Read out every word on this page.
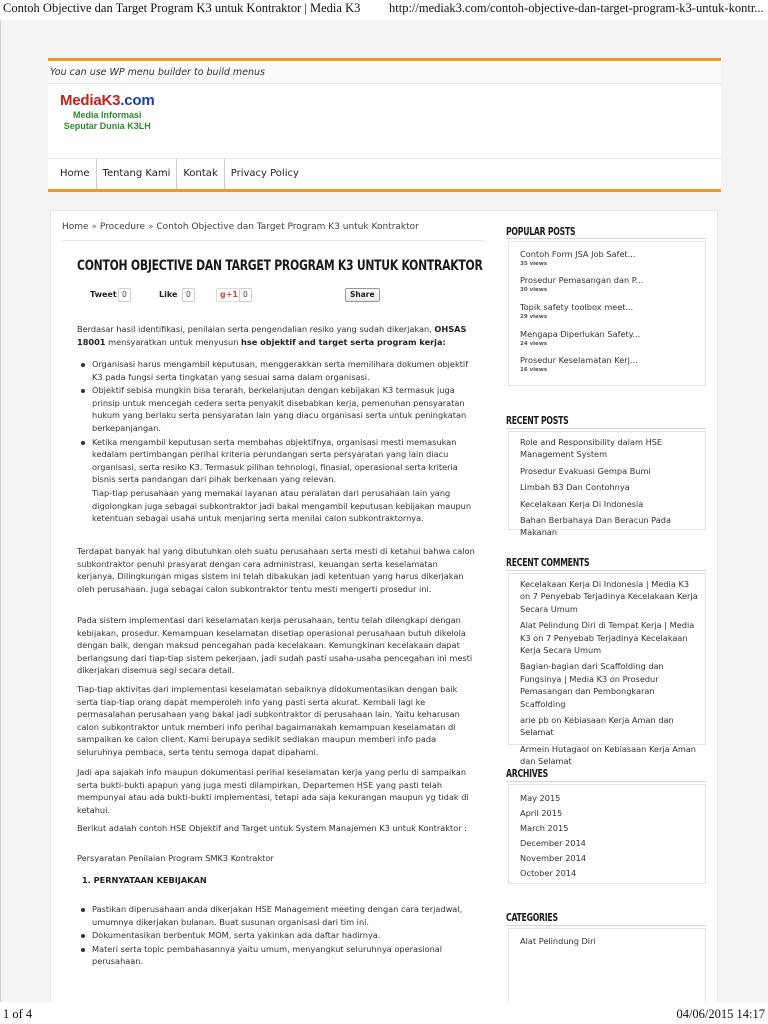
Contoh Objective dan Target Program K3 untuk Kontraktor | Media K3 http://mediak3.com/contoh-objective-dan-target-program-k3-untuk-kontr...
You can use WP menu builder to build menus
MediaK3.com
Media Informasi
Seputar Dunia K3LH
Home	Tentang Kami	Kontak	Privacy Policy
Home » Procedure » Contoh Objective dan Target Program K3 untuk Kontraktor
CONTOH OBJECTIVE DAN TARGET PROGRAM K3 UNTUK KONTRAKTOR
Tweet 0	Like	0	g+1 0	Share
Berdasar hasil identifikasi, penilaian serta pengendalian resiko yang sudah dikerjakan, OHSAS 18001 mensyaratkan untuk menyusun hse objektif and target serta program kerja:
Organisasi harus mengambil keputusan, menggerakkan serta memilihara dokumen objektif K3 pada fungsi serta tingkatan yang sesuai sama dalam organisasi.
Objektif sebisa mungkin bisa terarah, berkelanjutan dengan kebijakan K3 termasuk juga prinsip untuk mencegah cedera serta penyakit disebabkan kerja, pemenuhan pensyaratan hukum yang berlaku serta pensyaratan lain yang diacu organisasi serta untuk peningkatan berkepanjangan.
Ketika mengambil keputusan serta membahas objektifnya, organisasi mesti memasukan kedalam pertimbangan perihal kriteria perundangan serta persyaratan yang lain diacu organisasi, serta resiko K3. Termasuk pilihan tehnologi, finasial, operasional serta kriteria bisnis serta pandangan dari pihak berkenaan yang relevan.
Tiap-tiap perusahaan yang memakai layanan atau peralatan dari perusahaan lain yang digolongkan juga sebagai subkontraktor jadi bakal mengambil keputusan kebijakan maupun ketentuan sebagai usaha untuk menjaring serta menilai calon subkontraktornya.
Terdapat banyak hal yang dibutuhkan oleh suatu perusahaan serta mesti di ketahui bahwa calon subkontraktor penuhi prasyarat dengan cara administrasi, keuangan serta keselamatan kerjanya. Dilingkungan migas sistem ini telah dibakukan jadi ketentuan yang harus dikerjakan oleh perusahaan. Juga sebagai calon subkontraktor tentu mesti mengerti prosedur ini.
Pada sistem implementasi dari keselamatan kerja perusahaan, tentu telah dilengkapi dengan kebijakan, prosedur. Kemampuan keselamatan disetiap operasional perusahaan butuh dikelola dengan baik, dengan maksud pencegahan pada kecelakaan. Kemungkinan kecelakaan dapat berlangsung dari tiap-tiap sistem pekerjaan, jadi sudah pasti usaha-usaha pencegahan ini mesti dikerjakan disemua segi secara detail.
Tiap-tiap aktivitas dari implementasi keselamatan sebaiknya didokumentasikan dengan baik serta tiap-tiap orang dapat memperoleh info yang pasti serta akurat. Kembali lagi ke permasalahan perusahaan yang bakal jadi subkontraktor di perusahaan lain. Yaitu keharusan calon subkontraktor untuk memberi info perihal bagaimanakah kemampuan keselamatan di sampaikan ke calon client. Kami berupaya sedikit sediakan maupun memberi info pada seluruhnya pembaca, serta tentu semoga dapat dipahami.
Jadi apa sajakah info maupun dokumentasi perihal keselamatan kerja yang perlu di sampaikan serta bukti-bukti apapun yang juga mesti dilampirkan, Departemen HSE yang pasti telah mempunyai atau ada bukti-bukti implementasi, tetapi ada saja kekurangan maupun yg tidak di ketahui.
Berikut adalah contoh HSE Objektif and Target untuk System Manajemen K3 untuk Kontraktor :
Persyaratan Penilaian Program SMK3 Kontraktor
1. PERNYATAAN KEBIJAKAN
Pastikan diperusahaan anda dikerjakan HSE Management meeting dengan cara terjadwal, umumnya dikerjakan bulanan. Buat susunan organisasi dari tim ini.
Dokumentasikan berbentuk MOM, serta yakinkan ada daftar hadirnya.
Materi serta topic pembahasannya yaitu umum, menyangkut seluruhnya operasional perusahaan.
POPULAR POSTS
Contoh Form JSA Job Safet...
35 views
Prosedur Pemasangan dan P...
30 views
Topik safety toolbox meet...
29 views
Mengapa Diperlukan Safety...
24 views
Prosedur Keselamatan Kerj...
16 views
RECENT POSTS
Role and Responsibility dalam HSE Management System
Prosedur Evakuasi Gempa Bumi
Limbah B3 Dan Contohnya
Kecelakaan Kerja Di Indonesia
Bahan Berbahaya Dan Beracun Pada Makanan
RECENT COMMENTS
Kecelakaan Kerja Di Indonesia | Media K3 on 7 Penyebab Terjadinya Kecelakaan Kerja Secara Umum
Alat Pelindung Diri di Tempat Kerja | Media K3 on 7 Penyebab Terjadinya Kecelakaan Kerja Secara Umum
Bagian-bagian dari Scaffolding dan Fungsinya | Media K3 on Prosedur Pemasangan dan Pembongkaran Scaffolding
arie pb on Kebiasaan Kerja Aman dan Selamat
Armein Hutagaol on Kebiasaan Kerja Aman dan Selamat
ARCHIVES
May 2015
April 2015
March 2015
December 2014
November 2014
October 2014
CATEGORIES
Alat Pelindung Diri
1 of 4	04/06/2015 14:17
